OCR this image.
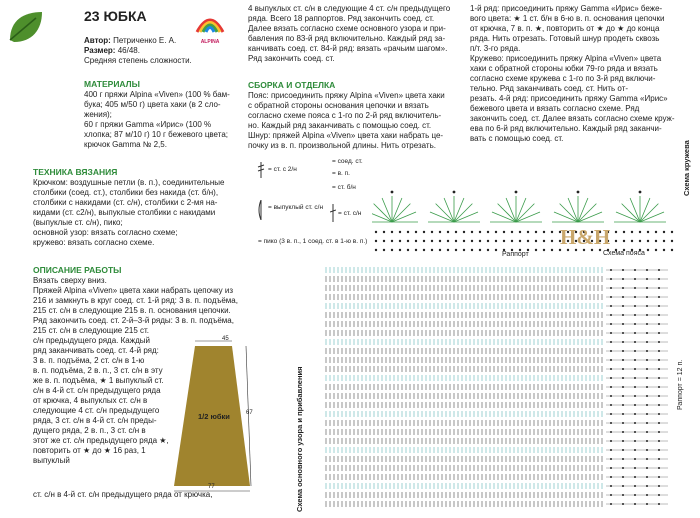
23 ЮБКА
ALPINA
Автор: Петриченко Е. А.
Размер: 46/48.
Средняя степень сложности.
МАТЕРИАЛЫ
400 г пряжи Alpina «Viven» (100 % бам-
бука; 405 м/50 г) цвета хаки (в 2 сло-
жения);
60 г пряжи Gamma «Ирис» (100 %
хлопка; 87 м/10 г) 10 г бежевого цвета;
крючок Gamma № 2,5.
ТЕХНИКА ВЯЗАНИЯ
Крючком: воздушные петли (в. п.), соединительные
столбики (соед. ст.), столбики без накида (ст. б/н),
столбики с накидами (ст. с/н), столбики с 2-мя на-
кидами (ст. с2/н), выпуклые столбики с накидами
(выпуклые ст. с/н), пико;
основной узор: вязать согласно схеме;
кружево: вязать согласно схеме.
ОПИСАНИЕ РАБОТЫ
Вязать сверху вниз.
Пряжей Alpina «Viven» цвета хаки набрать цепочку из
216 и замкнуть в круг соед. ст. 1-й ряд: 3 в. п. подъёма,
215 ст. с/н в следующие 215 в. п. основания цепочки.
Ряд закончить соед. ст. 2-й–3-й ряды: 3 в. п. подъёма,
215 ст. с/н в следующие 215 ст.
с/н предыдущего ряда. Каждый
ряд заканчивать соед. ст. 4-й ряд:
3 в. п. подъёма, 2 ст. с/н в 1-ю
в. п. подъёма, 2 в. п., 3 ст. с/н в эту
же в. п. подъёма, ★ 1 выпуклый ст.
с/н в 4-й ст. с/н предыдущего ряда
от крючка, 4 выпуклых ст. с/н в
следующие 4 ст. с/н предыдущего
ряда, 3 ст. с/н в 4-й ст. с/н преды-
дущего ряда, 2 в. п., 3 ст. с/н в
этот же ст. с/н предыдущего ряда ★,
повторить от ★ до ★ 16 раз, 1 выпуклый
ст. с/н в 4-й ст. с/н предыдущего ряда от крючка,
45
67
77
1/2 юбки
4 выпуклых ст. с/н в следующие 4 ст. с/н предыдущего
ряда. Всего 18 раппортов. Ряд закончить соед. ст.
Далее вязать согласно схеме основного узора и при-
бавления по 83-й ряд включительно. Каждый ряд за-
канчивать соед. ст. 84-й ряд: вязать «рачьим шагом».
Ряд закончить соед. ст.
СБОРКА И ОТДЕЛКА
Пояс: присоединить пряжу Alpina «Viven» цвета хаки
с обратной стороны основания цепочки и вязать
согласно схеме пояса с 1-го по 2-й ряд включитель-
но. Каждый ряд заканчивать с помощью соед. ст.
Шнур: пряжей Alpina «Viven» цвета хаки набрать це-
почку из в. п. произвольной длины. Нить отрезать.
1-й ряд: присоединить пряжу Gamma «Ирис» беже-
вого цвета: ★ 1 ст. б/н в 6-ю в. п. основания цепочки
от крючка, 7 в. п. ★, повторить от ★ до ★ до конца
ряда. Нить отрезать. Готовый шнур продеть сквозь
п/т. 3-го ряда.
Кружево: присоединить пряжу Alpina «Viven» цвета
хаки с обратной стороны юбки 79-го ряда и вязать
согласно схеме кружева с 1-го по 3-й ряд включи-
тельно. Ряд заканчивать соед. ст. Нить от-
резать. 4-й ряд: присоединить пряжу Gamma «Ирис»
бежевого цвета и вязать согласно схеме. Ряд
закончить соед. ст. Далее вязать согласно схеме круж-
ева по 6-й ряд включительно. Каждый ряд заканчи-
вать с помощью соед. ст.
= ст. с 2/н
= соед. ст.
= в. п.
= ст. б/н
= выпуклый ст. с/н
= ст. с/н
= пико (3 в. п., 1 соед. ст. в 1-ю в. п.)
Раппорт
Схема кружева
H&H
Схема пояса
Схема основного узора и прибавления	Раппорт = 12 п.
